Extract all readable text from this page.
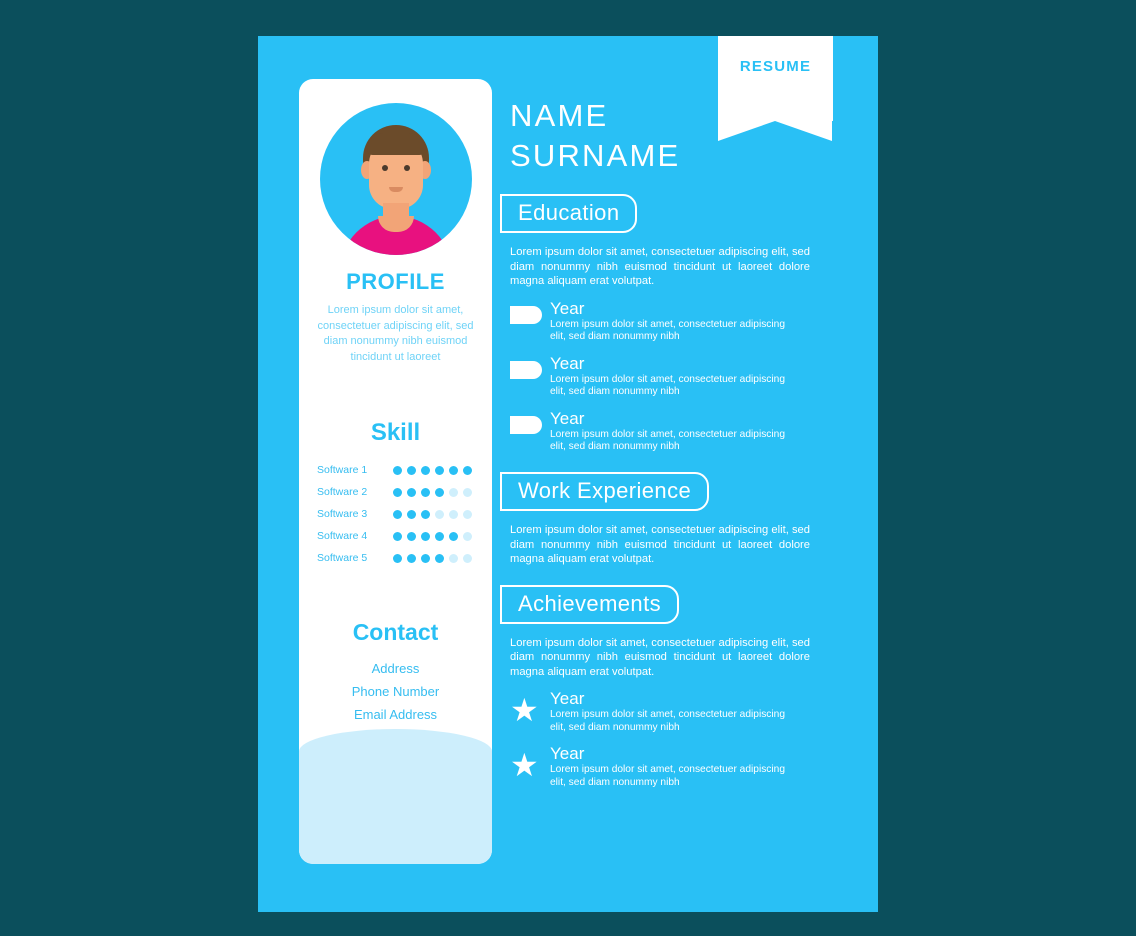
RESUME
PROFILE
Lorem ipsum dolor sit amet, consectetuer adipiscing elit, sed diam nonummy nibh euismod tincidunt ut laoreet
Skill
Software 1
Software 2
Software 3
Software 4
Software 5
Contact
Address
Phone Number
Email Address
NAME
SURNAME
Education
Lorem ipsum dolor sit amet, consectetuer adipiscing elit, sed diam nonummy nibh euismod tincidunt ut laoreet dolore magna aliquam erat volutpat.
Year
Lorem ipsum dolor sit amet, consectetuer adipiscing elit, sed diam nonummy nibh
Year
Lorem ipsum dolor sit amet, consectetuer adipiscing elit, sed diam nonummy nibh
Year
Lorem ipsum dolor sit amet, consectetuer adipiscing elit, sed diam nonummy nibh
Work Experience
Lorem ipsum dolor sit amet, consectetuer adipiscing elit, sed diam nonummy nibh euismod tincidunt ut laoreet dolore magna aliquam erat volutpat.
Achievements
Lorem ipsum dolor sit amet, consectetuer adipiscing elit, sed diam nonummy nibh euismod tincidunt ut laoreet dolore magna aliquam erat volutpat.
★ Year
Lorem ipsum dolor sit amet, consectetuer adipiscing elit, sed diam nonummy nibh
★ Year
Lorem ipsum dolor sit amet, consectetuer adipiscing elit, sed diam nonummy nibh
